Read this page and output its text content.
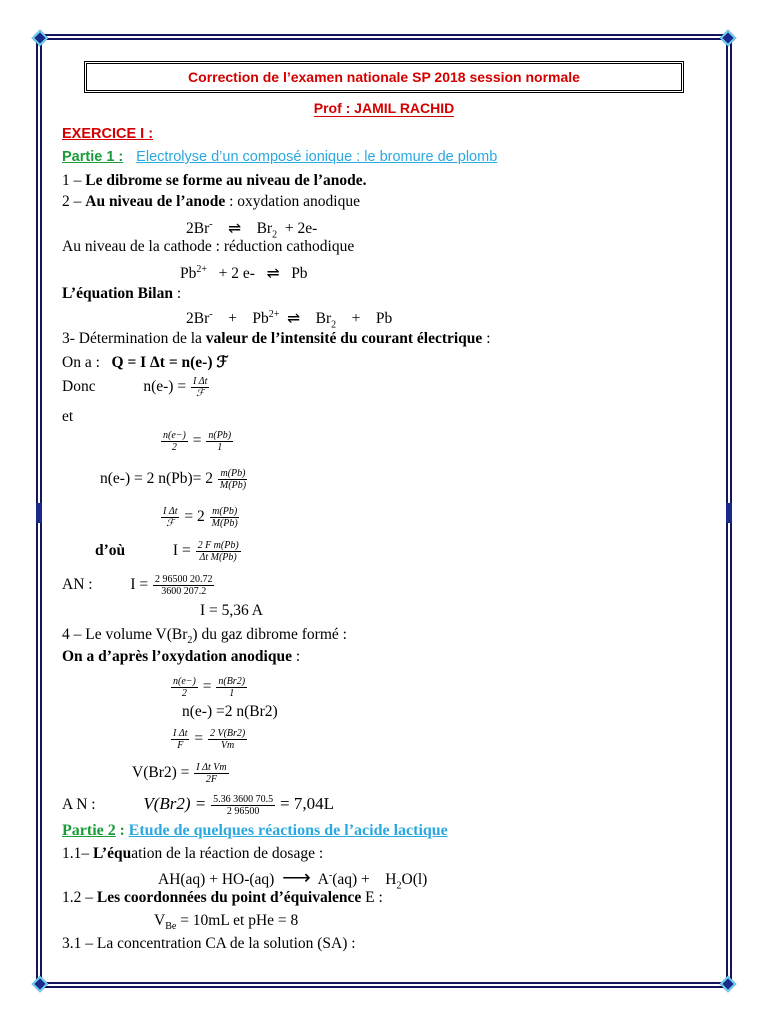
Correction de l’examen nationale SP 2018 session normale
Prof : JAMIL RACHID
EXERCICE I :
Partie 1 : Electrolyse d’un composé ionique : le bromure de plomb
1 – Le dibrome se forme au niveau de l’anode.
2 – Au niveau de l’anode : oxydation anodique
2Br- ⇌ $Br_2 + 2e-$
Au niveau de la cathode : réduction cathodique
$Pb^{2+} + 2$ e- ⇌ Pb
L’équation Bilan :
$2Br^- + Pb^{2+}$ ⇌ $Br_2 + Pb$
3- Détermination de la valeur de l’intensité du courant électrique :
On a : Q = I Δt = n(e-) ℱ
Donc	$n(e-) = \frac{\text{I Δt}}{\text{ℱ}}$
et
$\frac{n(e-)}{2} = \frac{n(Pb)}{1}$
n(e-) = 2 $n(Pb)= 2 \frac{m(Pb)}{M(Pb)}$
$\frac{\text{I Δt}}{\text{ℱ}} = 2 \frac{m(Pb)}{M(Pb)}$
d’où	$I = \frac{\text{2 F m(Pb)}}{\text{Δt M(Pb)}}$
AN : $I = \frac{2 96500 20.72}{3600 207.2}$
I = 5,36 A
4 – Le volume $V(Br_2)$ du gaz dibrome formé :
On a d’après l’oxydation anodique :
$\frac{n(e-)}{2} = \frac{n(Br2)}{1}$
n(e-) =2 n(Br2)
$\frac{\text{I Δt}}{F} = \frac{2 V(Br2)}{Vm}$
$V(Br2) = \frac{\text{I Δt Vm}}{2F}$
A N :	$V(Br2) = \frac{5.36 3600 70.5}{2 96500} = 7,04L$
Partie 2 : Etude de quelques réactions de l’acide lactique
1.1– L’équation de la réaction de dosage :
AH(aq) + HO-(aq) ⟶ $A^-(aq) + H_2O(l)$
1.2 – Les coordonnées du point d’équivalence E :
$V_{Be} = 10mL$ et pHe = 8
3.1 – La concentration CA de la solution (SA) :
